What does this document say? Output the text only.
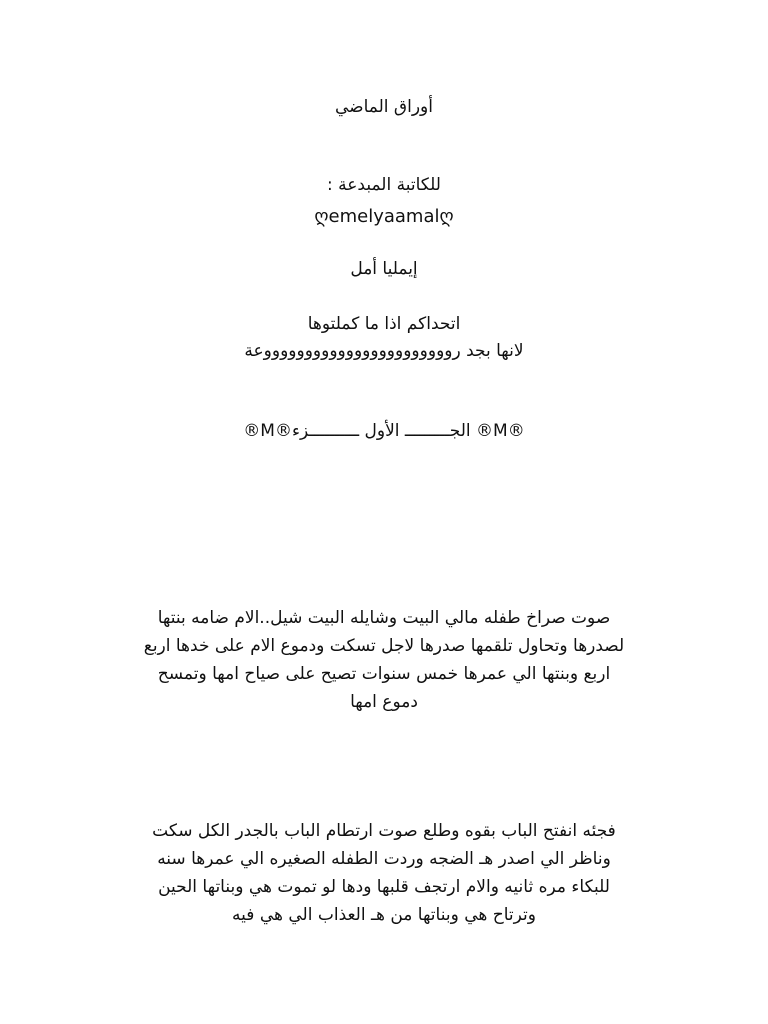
أوراق الماضي
للكاتبة المبدعة :
ღemelyaamalღ
إيمليا أمل
اتحداكم اذا ما كملتوها
لانها بجد روووووووووووووووووووووووعة
®M®الجـــــــــ الأول ــــــــــزء ®M®
صوت صراخ طفله مالي البيت وشايله البيت شيل..الام ضامه بنتها
لصدرها وتحاول تلقمها صدرها لاجل تسكت ودموع الام على خدها اربع
اربع وبنتها الي عمرها خمس سنوات تصيح على صياح امها وتمسح
دموع امها
فجئه انفتح الباب بقوه وطلع صوت ارتطام الباب بالجدر الكل سكت
وناظر الي اصدر هـ الضجه وردت الطفله الصغيره الي عمرها سنه
للبكاء مره ثانيه والام ارتجف قلبها ودها لو تموت هي وبناتها الحين
وترتاح هي وبناتها من هـ العذاب الي هي فيه
